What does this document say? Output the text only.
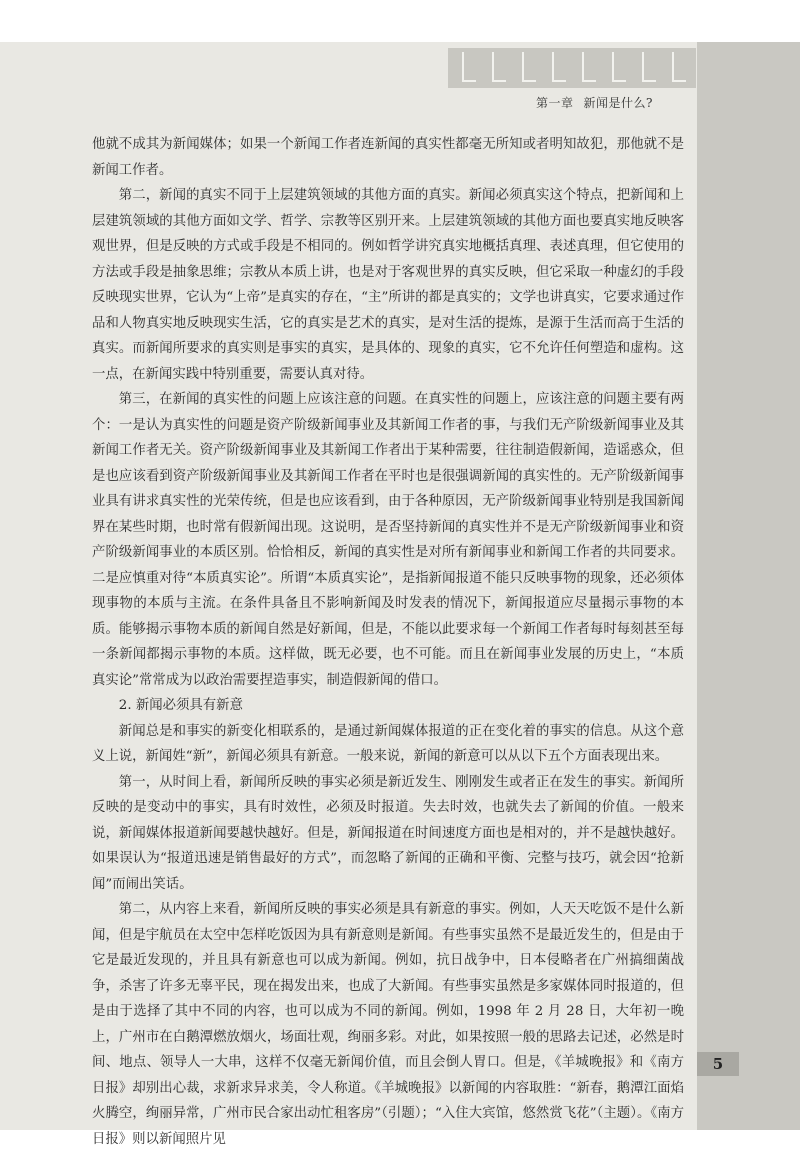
第一章 新闻是什么?

他就不成其为新闻媒体；如果一个新闻工作者连新闻的真实性都毫无所知或者明知故犯，那他就不是新闻工作者。

第二，新闻的真实不同于上层建筑领域的其他方面的真实。新闻必须真实这个特点，把新闻和上层建筑领域的其他方面如文学、哲学、宗教等区别开来。上层建筑领域的其他方面也要真实地反映客观世界，但是反映的方式或手段是不相同的。例如哲学讲究真实地概括真理、表述真理，但它使用的方法或手段是抽象思维；宗教从本质上讲，也是对于客观世界的真实反映，但它采取一种虚幻的手段反映现实世界，它认为“上帝”是真实的存在，“主”所讲的都是真实的；文学也讲真实，它要求通过作品和人物真实地反映现实生活，它的真实是艺术的真实，是对生活的提炼，是源于生活而高于生活的真实。而新闻所要求的真实则是事实的真实，是具体的、现象的真实，它不允许任何塑造和虚构。这一点，在新闻实践中特别重要，需要认真对待。

第三，在新闻的真实性的问题上应该注意的问题。在真实性的问题上，应该注意的问题主要有两个：一是认为真实性的问题是资产阶级新闻事业及其新闻工作者的事，与我们无产阶级新闻事业及其新闻工作者无关。资产阶级新闻事业及其新闻工作者出于某种需要，往往制造假新闻，造谣惑众，但是也应该看到资产阶级新闻事业及其新闻工作者在平时也是很强调新闻的真实性的。无产阶级新闻事业具有讲求真实性的光荣传统，但是也应该看到，由于各种原因，无产阶级新闻事业特别是我国新闻界在某些时期，也时常有假新闻出现。这说明，是否坚持新闻的真实性并不是无产阶级新闻事业和资产阶级新闻事业的本质区别。恰恰相反，新闻的真实性是对所有新闻事业和新闻工作者的共同要求。二是应慎重对待“本质真实论”。所谓“本质真实论”，是指新闻报道不能只反映事物的现象，还必须体现事物的本质与主流。在条件具备且不影响新闻及时发表的情况下，新闻报道应尽量揭示事物的本质。能够揭示事物本质的新闻自然是好新闻，但是，不能以此要求每一个新闻工作者每时每刻甚至每一条新闻都揭示事物的本质。这样做，既无必要，也不可能。而且在新闻事业发展的历史上，“本质真实论”常常成为以政治需要捏造事实，制造假新闻的借口。

2. 新闻必须具有新意

新闻总是和事实的新变化相联系的，是通过新闻媒体报道的正在变化着的事实的信息。从这个意义上说，新闻姓“新”，新闻必须具有新意。一般来说，新闻的新意可以从以下五个方面表现出来。

第一，从时间上看，新闻所反映的事实必须是新近发生、刚刚发生或者正在发生的事实。新闻所反映的是变动中的事实，具有时效性，必须及时报道。失去时效，也就失去了新闻的价值。一般来说，新闻媒体报道新闻要越快越好。但是，新闻报道在时间速度方面也是相对的，并不是越快越好。如果误认为“报道迅速是销售最好的方式”，而忽略了新闻的正确和平衡、完整与技巧，就会因“抢新闻”而闹出笑话。

第二，从内容上来看，新闻所反映的事实必须是具有新意的事实。例如，人天天吃饭不是什么新闻，但是宇航员在太空中怎样吃饭因为具有新意则是新闻。有些事实虽然不是最近发生的，但是由于它是最近发现的，并且具有新意也可以成为新闻。例如，抗日战争中，日本侵略者在广州搞细菌战争，杀害了许多无辜平民，现在揭发出来，也成了大新闻。有些事实虽然是多家媒体同时报道的，但是由于选择了其中不同的内容，也可以成为不同的新闻。例如，1998 年 2 月 28 日，大年初一晚上，广州市在白鹅潭燃放烟火，场面壮观，绚丽多彩。对此，如果按照一般的思路去记述，必然是时间、地点、领导人一大串，这样不仅毫无新闻价值，而且会倒人胃口。但是，《羊城晚报》和《南方日报》却别出心裁，求新求异求美，令人称道。《羊城晚报》以新闻的内容取胜：“新春，鹅潭江面焰火腾空，绚丽异常，广州市民合家出动忙租客房”（引题）；“入住大宾馆，悠然赏飞花”（主题）。《南方日报》则以新闻照片见

5
